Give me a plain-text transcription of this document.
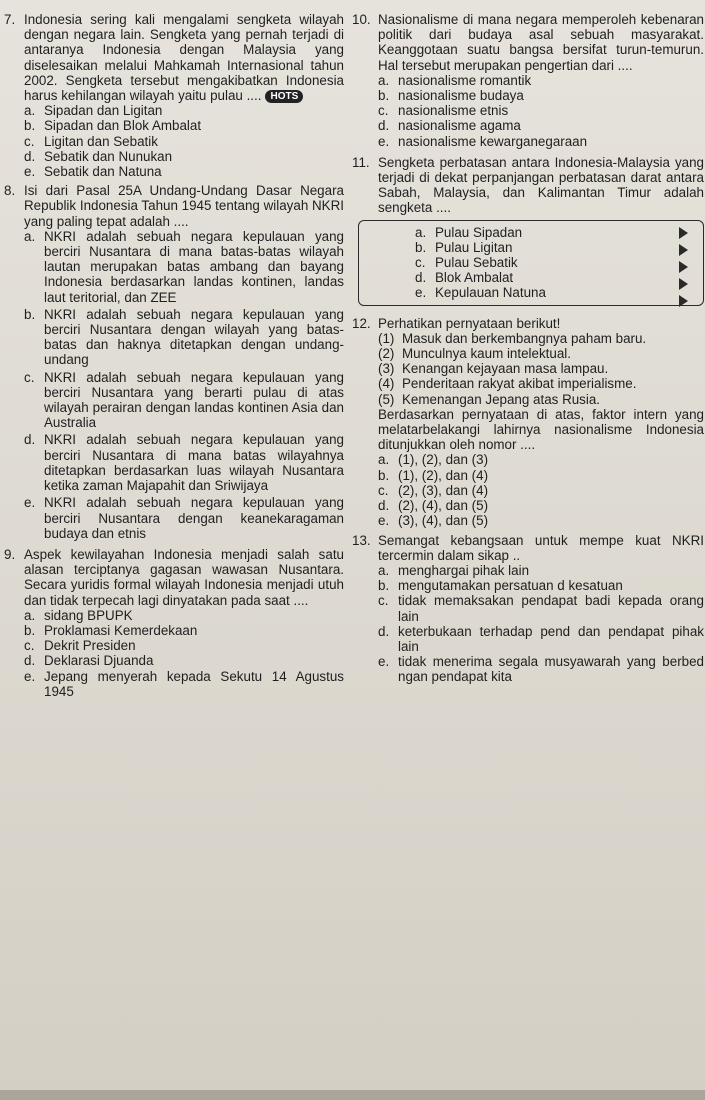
7. Indonesia sering kali mengalami sengketa wilayah dengan negara lain. Sengketa yang pernah terjadi di antaranya Indonesia dengan Malaysia yang diselesaikan melalui Mahkamah Internasional tahun 2002. Sengketa tersebut mengakibatkan Indonesia harus kehilangan wilayah yaitu pulau .... HOTS
a. Sipadan dan Ligitan
b. Sipadan dan Blok Ambalat
c. Ligitan dan Sebatik
d. Sebatik dan Nunukan
e. Sebatik dan Natuna
8. Isi dari Pasal 25A Undang-Undang Dasar Negara Republik Indonesia Tahun 1945 tentang wilayah NKRI yang paling tepat adalah ....
a. NKRI adalah sebuah negara kepulauan yang berciri Nusantara di mana batas-batas wilayah lautan merupakan batas ambang dan bayang Indonesia berdasarkan landas kontinen, landas laut teritorial, dan ZEE
b. NKRI adalah sebuah negara kepulauan yang berciri Nusantara dengan wilayah yang batas-batas dan haknya ditetapkan dengan undang-undang
c. NKRI adalah sebuah negara kepulauan yang berciri Nusantara yang berarti pulau di atas wilayah perairan dengan landas kontinen Asia dan Australia
d. NKRI adalah sebuah negara kepulauan yang berciri Nusantara di mana batas wilayahnya ditetapkan berdasarkan luas wilayah Nusantara ketika zaman Majapahit dan Sriwijaya
e. NKRI adalah sebuah negara kepulauan yang berciri Nusantara dengan keanekaragaman budaya dan etnis
9. Aspek kewilayahan Indonesia menjadi salah satu alasan terciptanya gagasan wawasan Nusantara. Secara yuridis formal wilayah Indonesia menjadi utuh dan tidak terpecah lagi dinyatakan pada saat ....
a. sidang BPUPK
b. Proklamasi Kemerdekaan
c. Dekrit Presiden
d. Deklarasi Djuanda
e. Jepang menyerah kepada Sekutu 14 Agustus 1945
10. Nasionalisme di mana negara memperoleh kebenaran politik dari budaya asal sebuah masyarakat. Keanggotaan suatu bangsa bersifat turun-temurun. Hal tersebut merupakan pengertian dari ....
a. nasionalisme romantik
b. nasionalisme budaya
c. nasionalisme etnis
d. nasionalisme agama
e. nasionalisme kewarganegaraan
11. Sengketa perbatasan antara Indonesia-Malaysia yang terjadi di dekat perpanjangan perbatasan darat antara Sabah, Malaysia, dan Kalimantan Timur adalah sengketa ....
a. Pulau Sipadan
b. Pulau Ligitan
c. Pulau Sebatik
d. Blok Ambalat
e. Kepulauan Natuna
12. Perhatikan pernyataan berikut!
(1) Masuk dan berkembangnya paham baru.
(2) Munculnya kaum intelektual.
(3) Kenangan kejayaan masa lampau.
(4) Penderitaan rakyat akibat imperialisme.
(5) Kemenangan Jepang atas Rusia.
Berdasarkan pernyataan di atas, faktor intern yang melatarbelakangi lahirnya nasionalisme Indonesia ditunjukkan oleh nomor ....
a. (1), (2), dan (3)
b. (1), (2), dan (4)
c. (2), (3), dan (4)
d. (2), (4), dan (5)
e. (3), (4), dan (5)
13. Semangat kebangsaan untuk mempe kuat NKRI tercermin dalam sikap ..
a. menghargai pihak lain
b. mengutamakan persatuan d kesatuan
c. tidak memaksakan pendapat badi kepada orang lain
d. keterbukaan terhadap pend dan pendapat pihak lain
e. tidak menerima segala musyawarah yang berbed ngan pendapat kita
